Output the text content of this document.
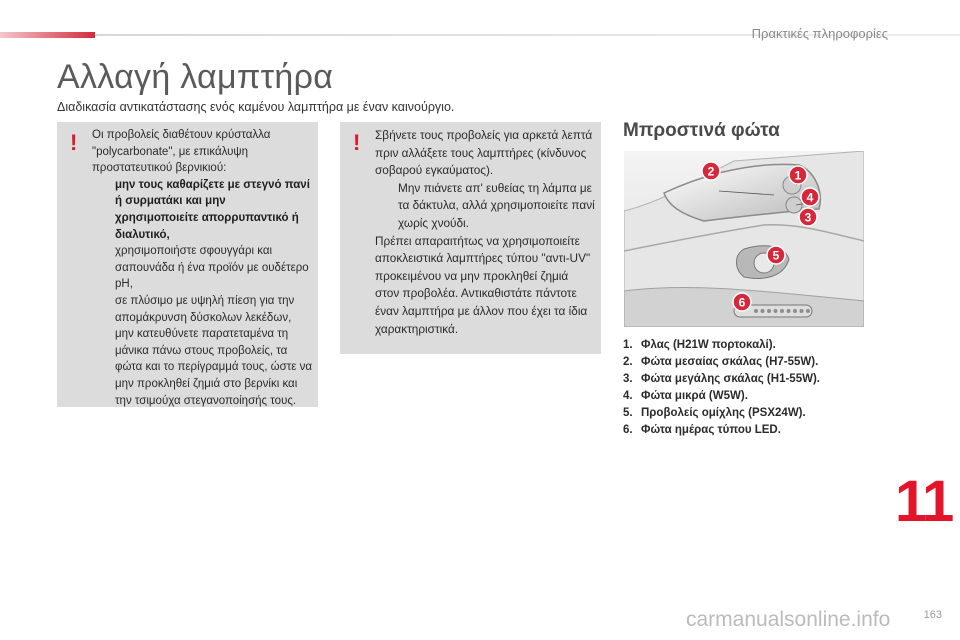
Πρακτικές πληροφορίες
Αλλαγή λαμπτήρα
Διαδικασία αντικατάστασης ενός καμένου λαμπτήρα με έναν καινούργιο.
! Οι προβολείς διαθέτουν κρύσταλλα "polycarbonate", με επικάλυψη προστατευτικού βερνικιού:

μην τους καθαρίζετε με στεγνό πανί ή συρματάκι και μην χρησιμοποιείτε απορρυπαντικό ή διαλυτικό,
χρησιμοποιήστε σφουγγάρι και σαπουνάδα ή ένα προϊόν με ουδέτερο pH,
σε πλύσιμο με υψηλή πίεση για την απομάκρυνση δύσκολων λεκέδων, μην κατευθύνετε παρατεταμένα τη μάνικα πάνω στους προβολείς, τα φώτα και το περίγραμμά τους, ώστε να μην προκληθεί ζημιά στο βερνίκι και την τσιμούχα στεγανοποίησής τους.
! Σβήνετε τους προβολείς για αρκετά λεπτά πριν αλλάξετε τους λαμπτήρες (κίνδυνος σοβαρού εγκαύματος).

Μην πιάνετε απ' ευθείας τη λάμπα με τα δάκτυλα, αλλά χρησιμοποιείτε πανί χωρίς χνούδι.

Πρέπει απαραιτήτως να χρησιμοποιείτε αποκλειστικά λαμπτήρες τύπου "αντι-UV" προκειμένου να μην προκληθεί ζημιά στον προβολέα. Αντικαθιστάτε πάντοτε έναν λαμπτήρα με άλλον που έχει τα ίδια χαρακτηριστικά.

Μπροστινά φώτα
2	1
4
3
5
6
1. Φλας (H21W πορτοκαλί).
2. Φώτα μεσαίας σκάλας (H7-55W).
3. Φώτα μεγάλης σκάλας (H1-55W).
4. Φώτα μικρά (W5W).
5. Προβολείς ομίχλης (PSX24W).
6. Φώτα ημέρας τύπου LED.
11
163
carmanualsonline.info
